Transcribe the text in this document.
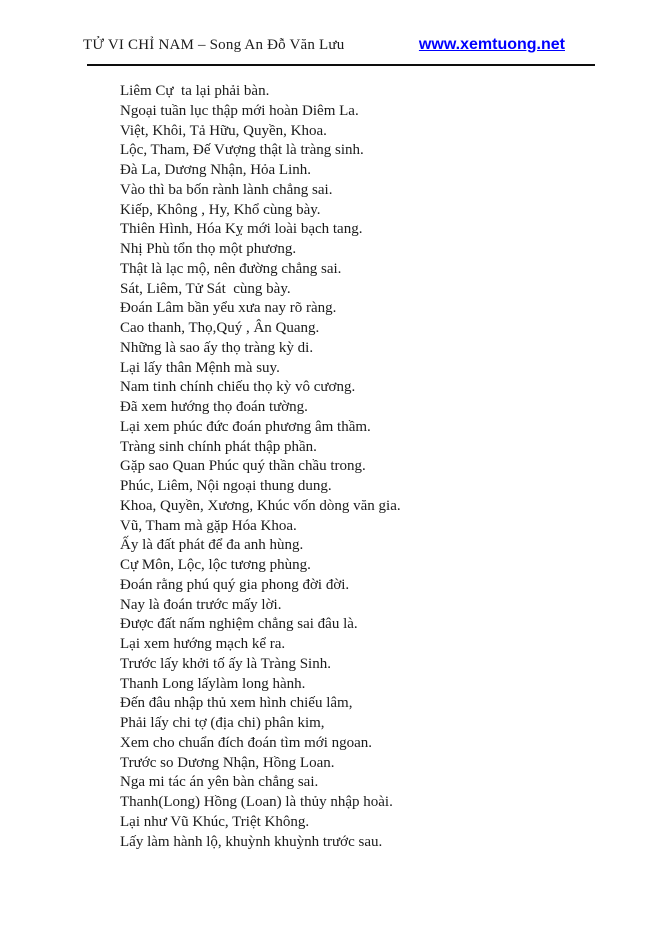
TỬ VI CHỈ NAM – Song An Đỗ Văn Lưu	www.xemtuong.net
Liêm Cự  ta lại phải bàn.
Ngoại tuần lục thập mới hoàn Diêm La.
Việt, Khôi, Tả Hữu, Quyền, Khoa.
Lộc, Tham, Đế Vượng thật là tràng sinh.
Đà La, Dương Nhận, Hỏa Linh.
Vào thì ba bốn rành lành chẳng sai.
Kiếp, Không , Hy, Khổ cùng bày.
Thiên Hình, Hóa Kỵ mới loài bạch tang.
Nhị Phù tổn thọ một phương.
Thật là lạc mộ, nên đường chẳng sai.
Sát, Liêm, Tử Sát  cùng bày.
Đoán Lâm bần yểu xưa nay rõ ràng.
Cao thanh, Thọ,Quý , Ân Quang.
Những là sao ấy thọ tràng kỳ di.
Lại lấy thân Mệnh mà suy.
Nam tinh chính chiếu thọ kỳ vô cương.
Đã xem hướng thọ đoán tường.
Lại xem phúc đức đoán phương âm thầm.
Tràng sinh chính phát thập phần.
Gặp sao Quan Phúc quý thần chầu trong.
Phúc, Liêm, Nội ngoại thung dung.
Khoa, Quyền, Xương, Khúc vốn dòng văn gia.
Vũ, Tham mà gặp Hóa Khoa.
Ấy là đất phát để đa anh hùng.
Cự Môn, Lộc, lộc tương phùng.
Đoán rằng phú quý gia phong đời đời.
Nay là đoán trước mấy lời.
Được đất nấm nghiệm chẳng sai đâu là.
Lại xem hướng mạch kể ra.
Trước lấy khởi tố ấy là Tràng Sinh.
Thanh Long lấylàm long hành.
Đến đâu nhập thủ xem hình chiếu lâm,
Phải lấy chi tợ (địa chi) phân kim,
Xem cho chuẩn đích đoán tìm mới ngoan.
Trước so Dương Nhận, Hồng Loan.
Nga mi tác án yên bàn chẳng sai.
Thanh(Long) Hồng (Loan) là thủy nhập hoài.
Lại như Vũ Khúc, Triệt Không.
Lấy làm hành lộ, khuỳnh khuỳnh trước sau.
